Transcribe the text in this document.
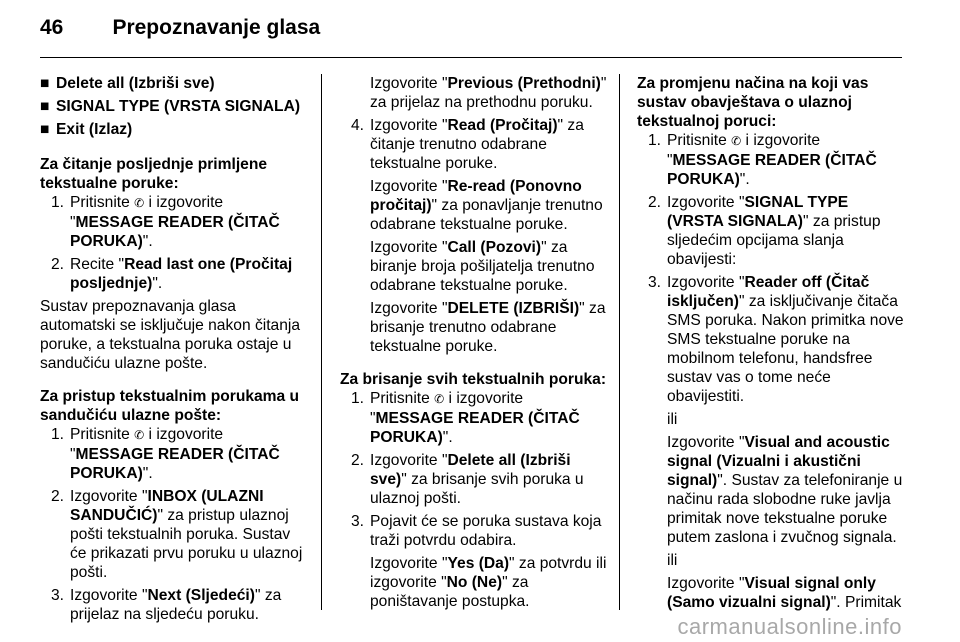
46 Prepoznavanje glasa
■ Delete all (Izbriši sve)
■ SIGNAL TYPE (VRSTA SIGNALA)
■ Exit (Izlaz)
Za čitanje posljednje primljene tekstualne poruke:
1. Pritisnite ✆ i izgovorite
"MESSAGE READER (ČITAČ PORUKA)".
2. Recite "Read last one (Pročitaj posljednje)".
Sustav prepoznavanja glasa automatski se isključuje nakon čitanja poruke, a tekstualna poruka ostaje u sandučiću ulazne pošte.
Za pristup tekstualnim porukama u sandučiću ulazne pošte:
1. Pritisnite ✆ i izgovorite
"MESSAGE READER (ČITAČ PORUKA)".
2. Izgovorite "INBOX (ULAZNI SANDUČIĆ)" za pristup ulaznoj pošti tekstualnih poruka. Sustav će prikazati prvu poruku u ulaznoj pošti.
3. Izgovorite "Next (Sljedeći)" za prijelaz na sljedeću poruku.
Izgovorite "Previous (Prethodni)" za prijelaz na prethodnu poruku.
4. Izgovorite "Read (Pročitaj)" za čitanje trenutno odabrane tekstualne poruke.
Izgovorite "Re-read (Ponovno pročitaj)" za ponavljanje trenutno odabrane tekstualne poruke.
Izgovorite "Call (Pozovi)" za biranje broja pošiljatelja trenutno odabrane tekstualne poruke.
Izgovorite "DELETE (IZBRIŠI)" za brisanje trenutno odabrane tekstualne poruke.
Za brisanje svih tekstualnih poruka:
1. Pritisnite ✆ i izgovorite
"MESSAGE READER (ČITAČ PORUKA)".
2. Izgovorite "Delete all (Izbriši sve)" za brisanje svih poruka u ulaznoj pošti.
3. Pojavit će se poruka sustava koja traži potvrdu odabira.
Izgovorite "Yes (Da)" za potvrdu ili izgovorite "No (Ne)" za poništavanje postupka.
Za promjenu načina na koji vas sustav obavještava o ulaznoj tekstualnoj poruci:
1. Pritisnite ✆ i izgovorite
"MESSAGE READER (ČITAČ PORUKA)".
2. Izgovorite "SIGNAL TYPE (VRSTA SIGNALA)" za pristup sljedećim opcijama slanja obavijesti:
3. Izgovorite "Reader off (Čitač isključen)" za isključivanje čitača SMS poruka. Nakon primitka nove SMS tekstualne poruke na mobilnom telefonu, handsfree sustav vas o tome neće obavijestiti.
ili
Izgovorite "Visual and acoustic signal (Vizualni i akustični signal)". Sustav za telefoniranje u načinu rada slobodne ruke javlja primitak nove tekstualne poruke putem zaslona i zvučnog signala.
ili
Izgovorite "Visual signal only (Samo vizualni signal)". Primitak
carmanualsonline.info
